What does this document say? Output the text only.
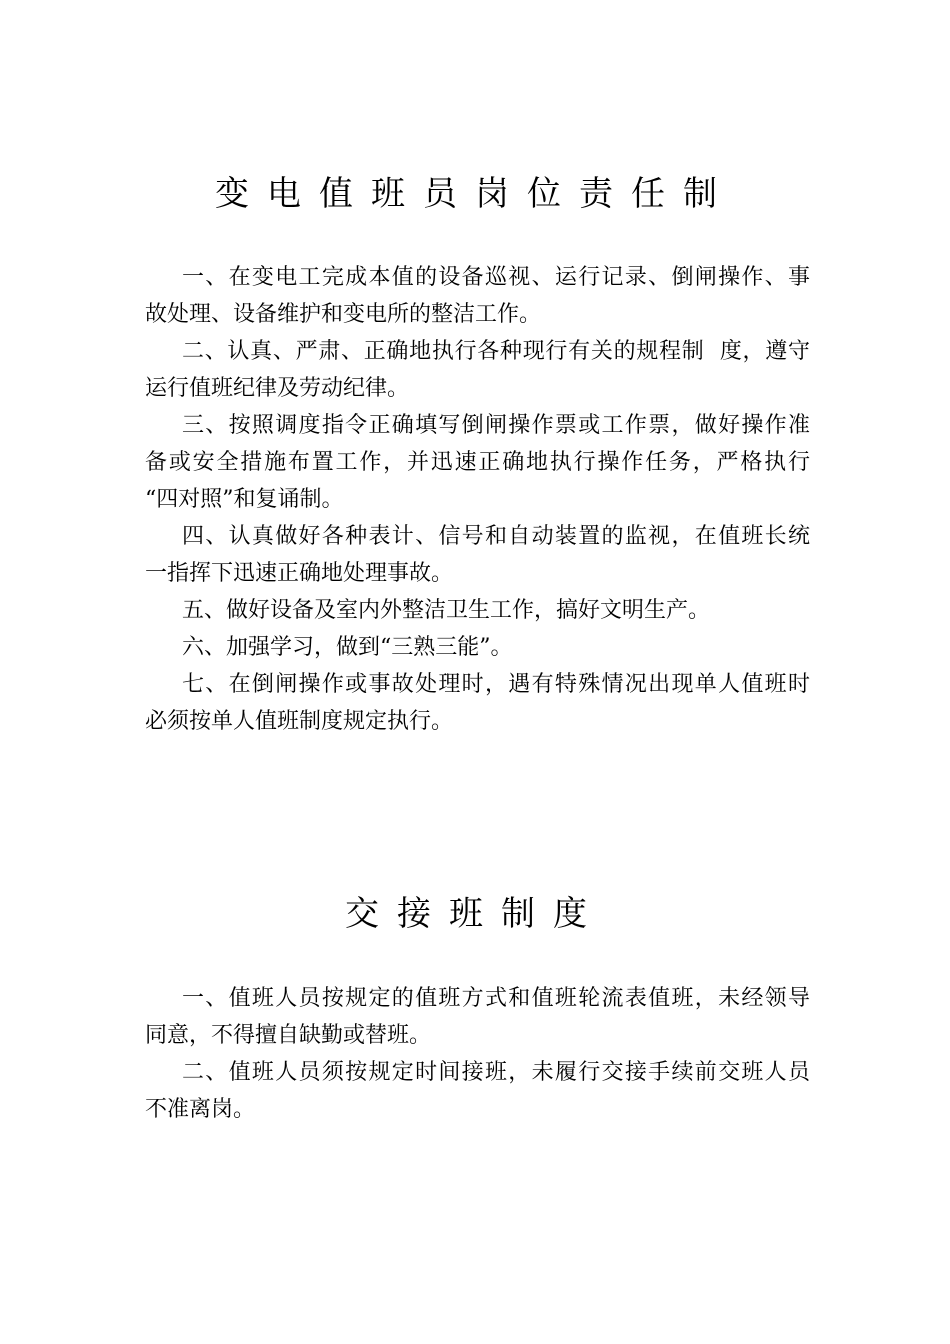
变电值班员岗位责任制
一、在变电工完成本值的设备巡视、运行记录、倒闸操作、事
故处理、设备维护和变电所的整洁工作。
二、认真、严肃、正确地执行各种现行有关的规程制  度，遵守
运行值班纪律及劳动纪律。
三、按照调度指令正确填写倒闸操作票或工作票，做好操作准
备或安全措施布置工作，并迅速正确地执行操作任务，严格执行
“四对照”和复诵制。
四、认真做好各种表计、信号和自动装置的监视，在值班长统
一指挥下迅速正确地处理事故。
五、做好设备及室内外整洁卫生工作，搞好文明生产。
六、加强学习，做到“三熟三能”。
七、在倒闸操作或事故处理时，遇有特殊情况出现单人值班时
必须按单人值班制度规定执行。
交接班制度
一、值班人员按规定的值班方式和值班轮流表值班，未经领导
同意，不得擅自缺勤或替班。
二、值班人员须按规定时间接班，未履行交接手续前交班人员
不准离岗。
